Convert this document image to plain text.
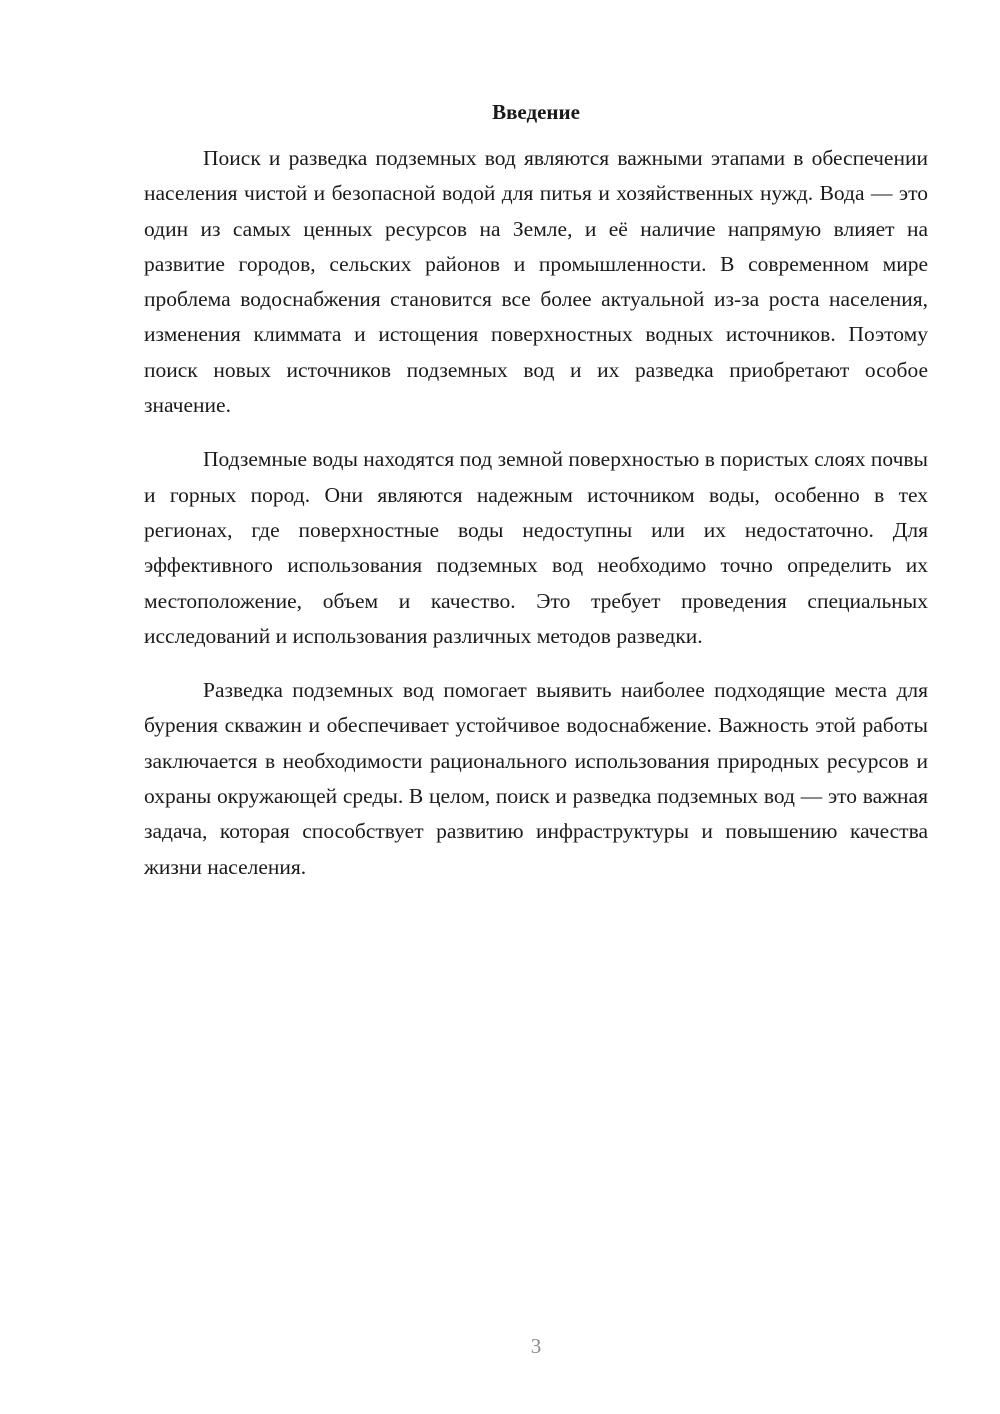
Введение

Поиск и разведка подземных вод являются важными этапами в обеспечении населения чистой и безопасной водой для питья и хозяйственных нужд. Вода — это один из самых ценных ресурсов на Земле, и её наличие напрямую влияет на развитие городов, сельских районов и промышленности. В современном мире проблема водоснабжения становится все более актуальной из-за роста населения, изменения климмата и истощения поверхностных водных источников. Поэтому поиск новых источников подземных вод и их разведка приобретают особое значение.

Подземные воды находятся под земной поверхностью в пористых слоях почвы и горных пород. Они являются надежным источником воды, особенно в тех регионах, где поверхностные воды недоступны или их недостаточно. Для эффективного использования подземных вод необходимо точно определить их местоположение, объем и качество. Это требует проведения специальных исследований и использования различных методов разведки.

Разведка подземных вод помогает выявить наиболее подходящие места для бурения скважин и обеспечивает устойчивое водоснабжение. Важность этой работы заключается в необходимости рационального использования природных ресурсов и охраны окружающей среды. В целом, поиск и разведка подземных вод — это важная задача, которая способствует развитию инфраструктуры и повышению качества жизни населения.

3
